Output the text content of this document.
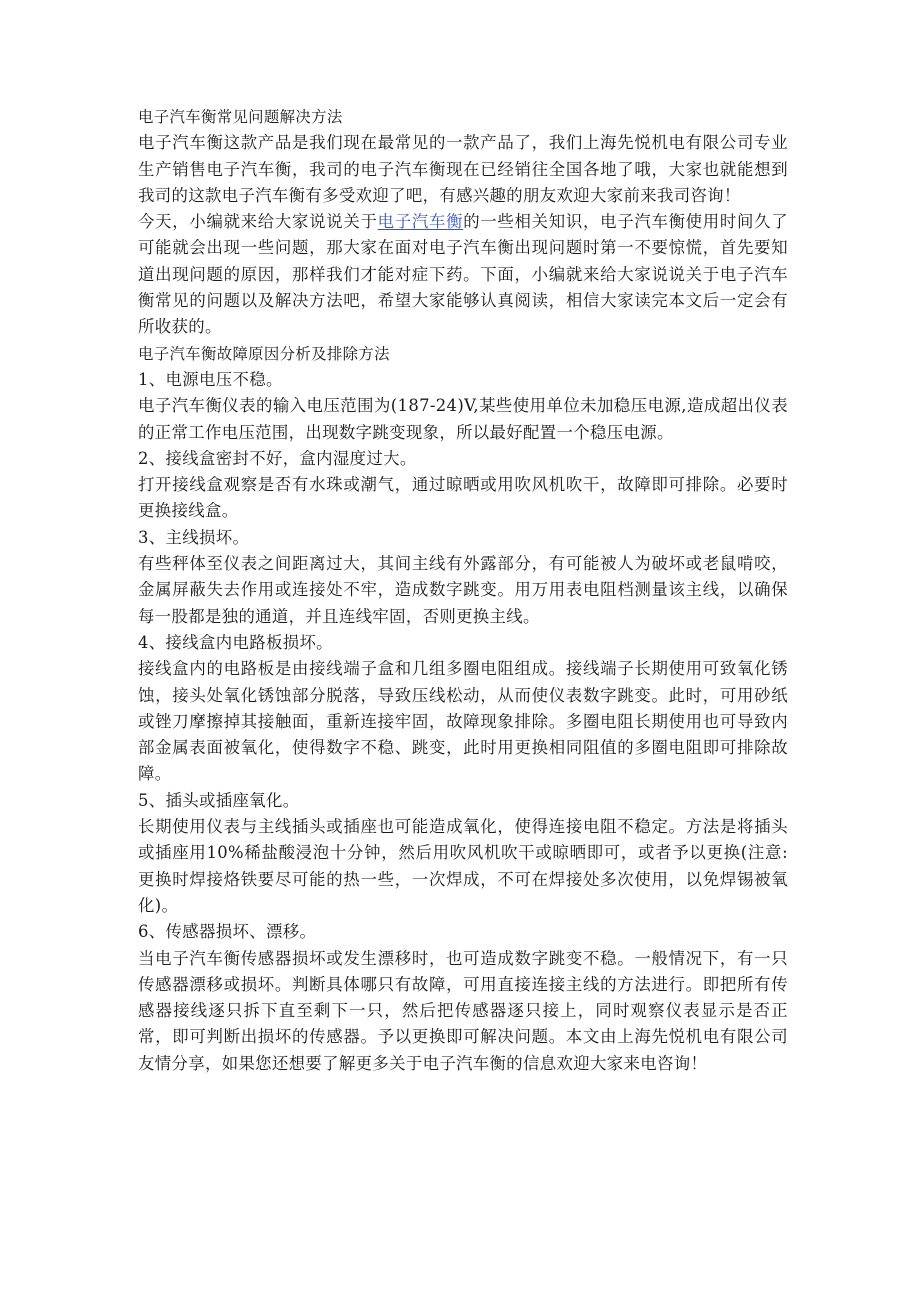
电子汽车衡常见问题解决方法

电子汽车衡这款产品是我们现在最常见的一款产品了，我们上海先悦机电有限公司专业生产销售电子汽车衡，我司的电子汽车衡现在已经销往全国各地了哦，大家也就能想到我司的这款电子汽车衡有多受欢迎了吧，有感兴趣的朋友欢迎大家前来我司咨询！

今天，小编就来给大家说说关于电子汽车衡的一些相关知识，电子汽车衡使用时间久了可能就会出现一些问题，那大家在面对电子汽车衡出现问题时第一不要惊慌，首先要知道出现问题的原因，那样我们才能对症下药。下面，小编就来给大家说说关于电子汽车衡常见的问题以及解决方法吧，希望大家能够认真阅读，相信大家读完本文后一定会有所收获的。

电子汽车衡故障原因分析及排除方法

1、电源电压不稳。

电子汽车衡仪表的输入电压范围为(187-24)V,某些使用单位未加稳压电源,造成超出仪表的正常工作电压范围，出现数字跳变现象，所以最好配置一个稳压电源。

2、接线盒密封不好，盒内湿度过大。

打开接线盒观察是否有水珠或潮气，通过晾晒或用吹风机吹干，故障即可排除。必要时更换接线盒。

3、主线损坏。

有些秤体至仪表之间距离过大，其间主线有外露部分，有可能被人为破坏或老鼠啃咬，金属屏蔽失去作用或连接处不牢，造成数字跳变。用万用表电阻档测量该主线，以确保每一股都是独的通道，并且连线牢固，否则更换主线。

4、接线盒内电路板损坏。

接线盒内的电路板是由接线端子盒和几组多圈电阻组成。接线端子长期使用可致氧化锈蚀，接头处氧化锈蚀部分脱落，导致压线松动，从而使仪表数字跳变。此时，可用砂纸或锉刀摩擦掉其接触面，重新连接牢固，故障现象排除。多圈电阻长期使用也可导致内部金属表面被氧化，使得数字不稳、跳变，此时用更换相同阻值的多圈电阻即可排除故障。

5、插头或插座氧化。

长期使用仪表与主线插头或插座也可能造成氧化，使得连接电阻不稳定。方法是将插头或插座用10%稀盐酸浸泡十分钟，然后用吹风机吹干或晾晒即可，或者予以更换(注意:更换时焊接烙铁要尽可能的热一些，一次焊成，不可在焊接处多次使用，以免焊锡被氧化)。

6、传感器损坏、漂移。

当电子汽车衡传感器损坏或发生漂移时，也可造成数字跳变不稳。一般情况下，有一只传感器漂移或损坏。判断具体哪只有故障，可用直接连接主线的方法进行。即把所有传感器接线逐只拆下直至剩下一只，然后把传感器逐只接上，同时观察仪表显示是否正常，即可判断出损坏的传感器。予以更换即可解决问题。本文由上海先悦机电有限公司友情分享，如果您还想要了解更多关于电子汽车衡的信息欢迎大家来电咨询！
